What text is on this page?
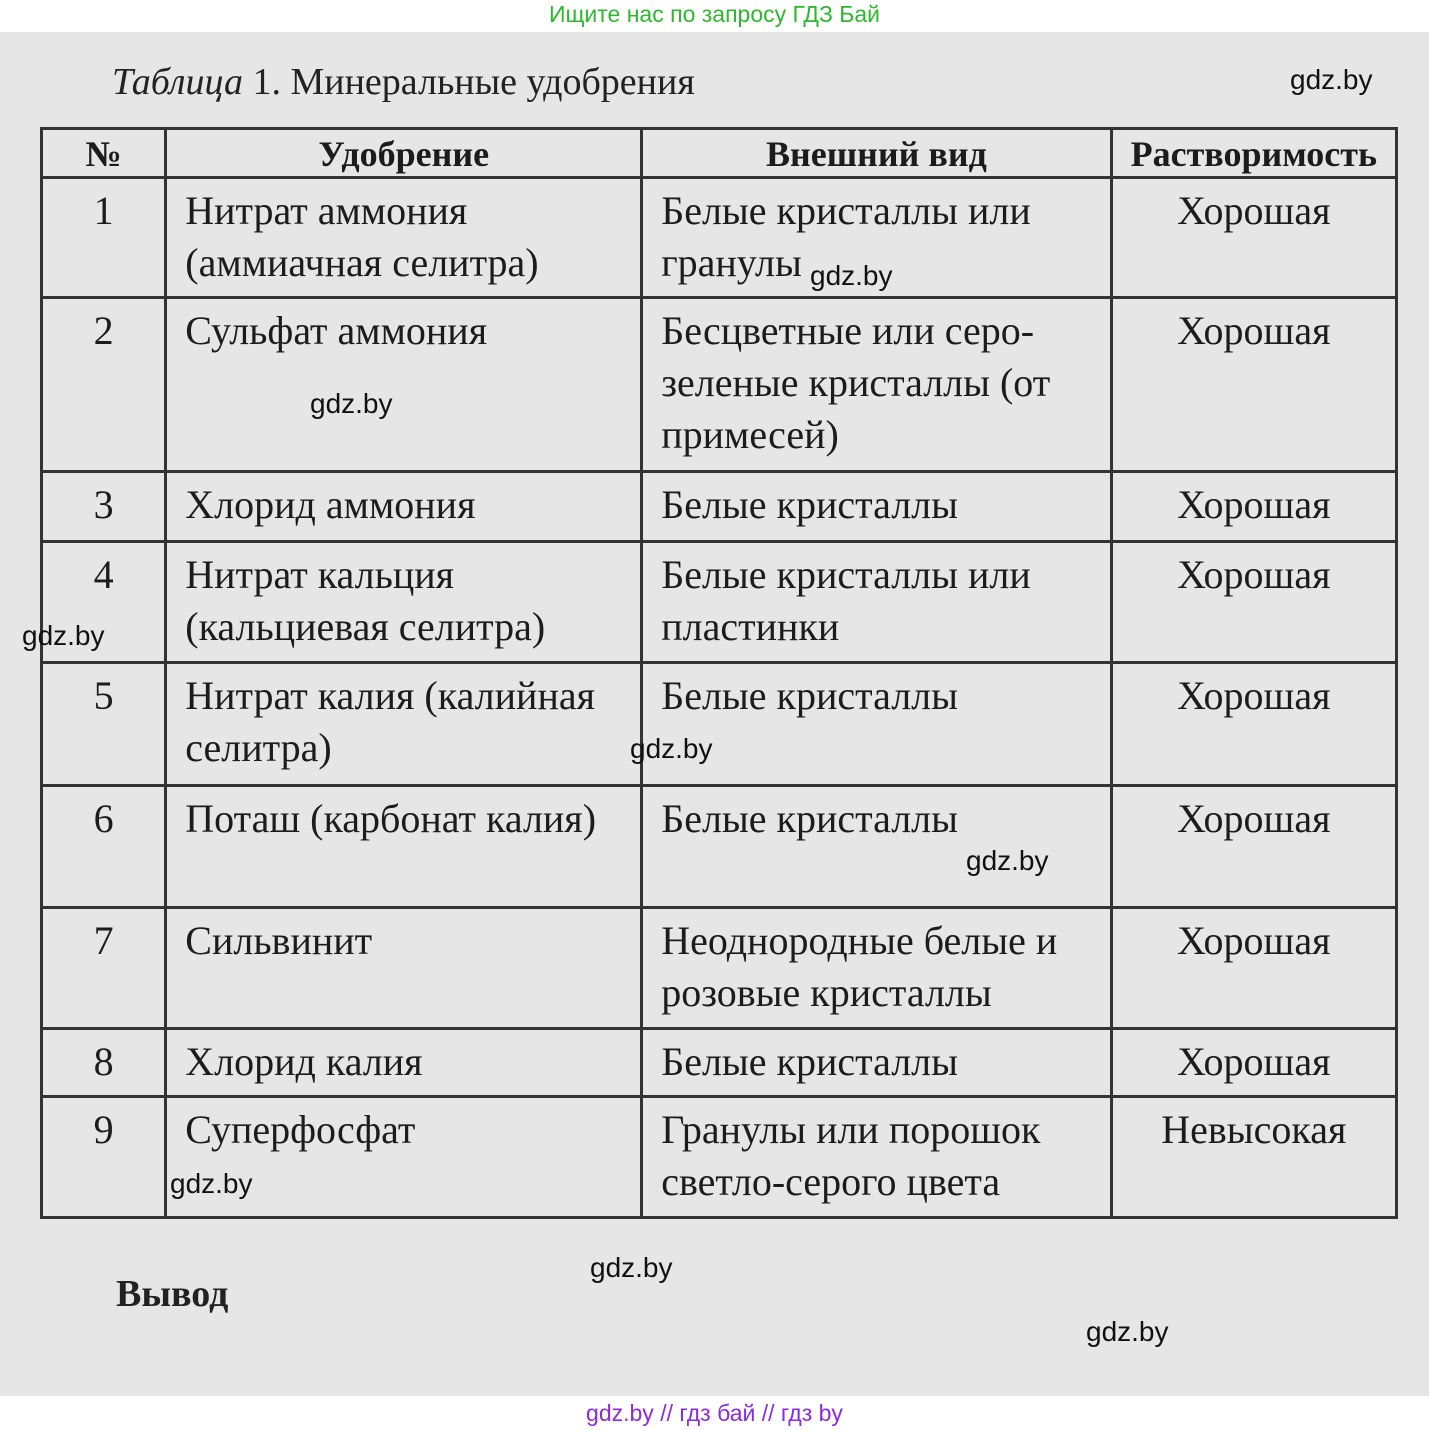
Ищите нас по запросу ГДЗ Бай
Таблица 1. Минеральные удобрения
№	Удобрение	Внешний вид	Растворимость
1	Нитрат аммония (аммиачная селитра)	Белые кристаллы или гранулы	Хорошая
2	Сульфат аммония	Бесцветные или серо-зеленые кристаллы (от примесей)	Хорошая
3	Хлорид аммония	Белые кристаллы	Хорошая
4	Нитрат кальция (кальциевая селитра)	Белые кристаллы или пластинки	Хорошая
5	Нитрат калия (калийная селитра)	Белые кристаллы	Хорошая
6	Поташ (карбонат калия)	Белые кристаллы	Хорошая
7	Сильвинит	Неоднородные белые и розовые кристаллы	Хорошая
8	Хлорид калия	Белые кристаллы	Хорошая
9	Суперфосфат	Гранулы или порошок светло-серого цвета	Невысокая
Вывод
gdz.by
gdz.by
gdz.by
gdz.by
gdz.by
gdz.by
gdz.by
gdz.by
gdz.by
gdz.by // гдз бай // гдз by
